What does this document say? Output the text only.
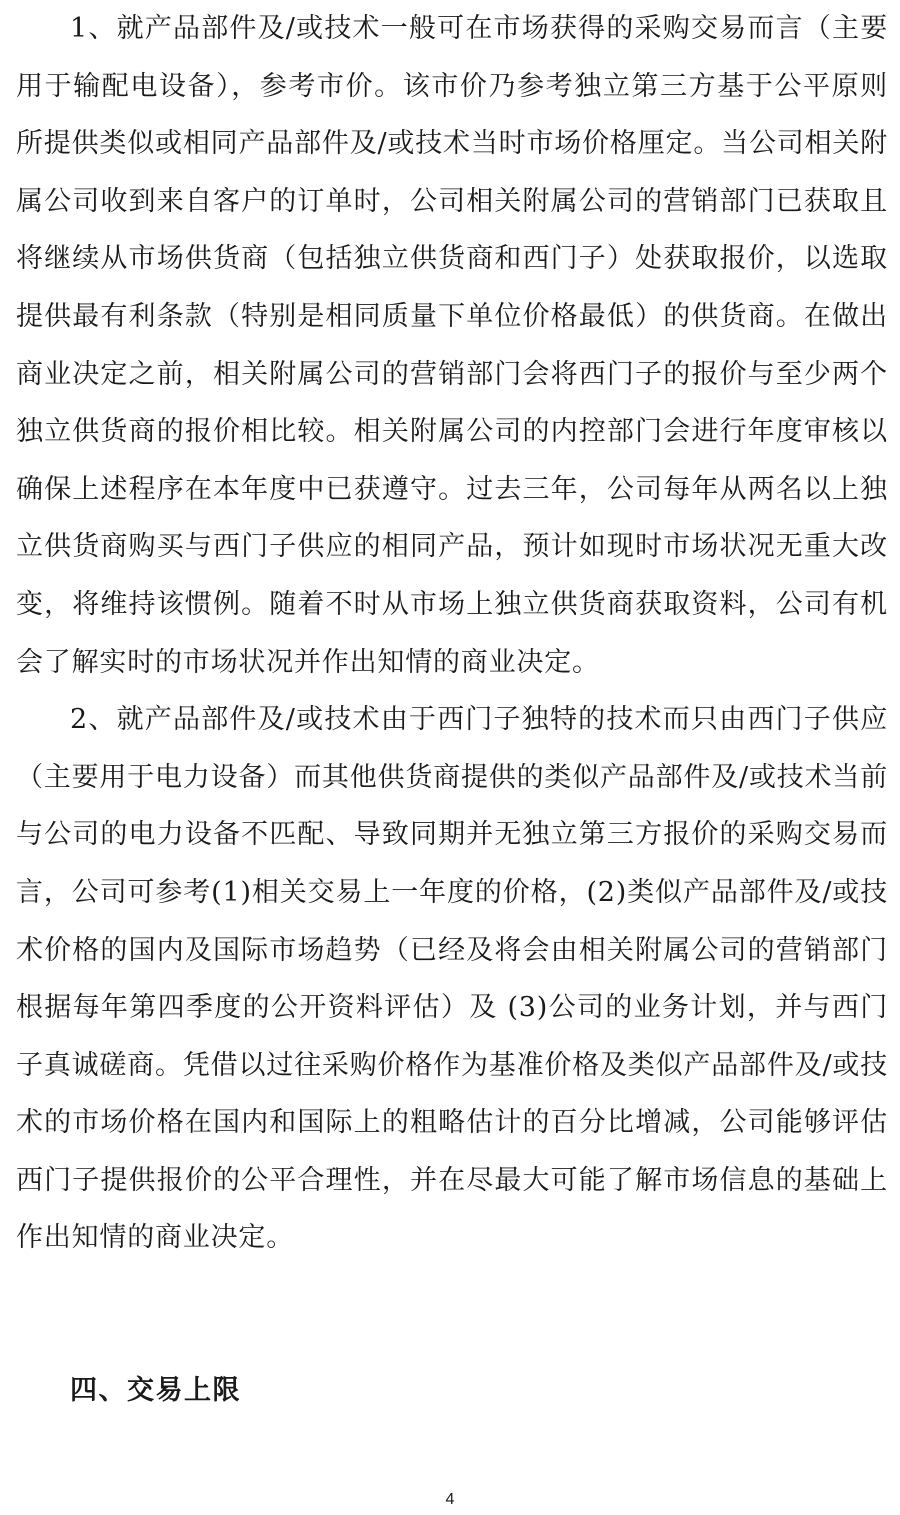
1、就产品部件及/或技术一般可在市场获得的采购交易而言（主要用于输配电设备），参考市价。该市价乃参考独立第三方基于公平原则所提供类似或相同产品部件及/或技术当时市场价格厘定。当公司相关附属公司收到来自客户的订单时，公司相关附属公司的营销部门已获取且将继续从市场供货商（包括独立供货商和西门子）处获取报价，以选取提供最有利条款（特别是相同质量下单位价格最低）的供货商。在做出商业决定之前，相关附属公司的营销部门会将西门子的报价与至少两个独立供货商的报价相比较。相关附属公司的内控部门会进行年度审核以确保上述程序在本年度中已获遵守。过去三年，公司每年从两名以上独立供货商购买与西门子供应的相同产品，预计如现时市场状况无重大改变，将维持该惯例。随着不时从市场上独立供货商获取资料，公司有机会了解实时的市场状况并作出知情的商业决定。

2、就产品部件及/或技术由于西门子独特的技术而只由西门子供应（主要用于电力设备）而其他供货商提供的类似产品部件及/或技术当前与公司的电力设备不匹配、导致同期并无独立第三方报价的采购交易而言，公司可参考(1)相关交易上一年度的价格，(2)类似产品部件及/或技术价格的国内及国际市场趋势（已经及将会由相关附属公司的营销部门根据每年第四季度的公开资料评估）及 (3)公司的业务计划，并与西门子真诚磋商。凭借以过往采购价格作为基准价格及类似产品部件及/或技术的市场价格在国内和国际上的粗略估计的百分比增减，公司能够评估西门子提供报价的公平合理性，并在尽最大可能了解市场信息的基础上作出知情的商业决定。

四、交易上限
4
